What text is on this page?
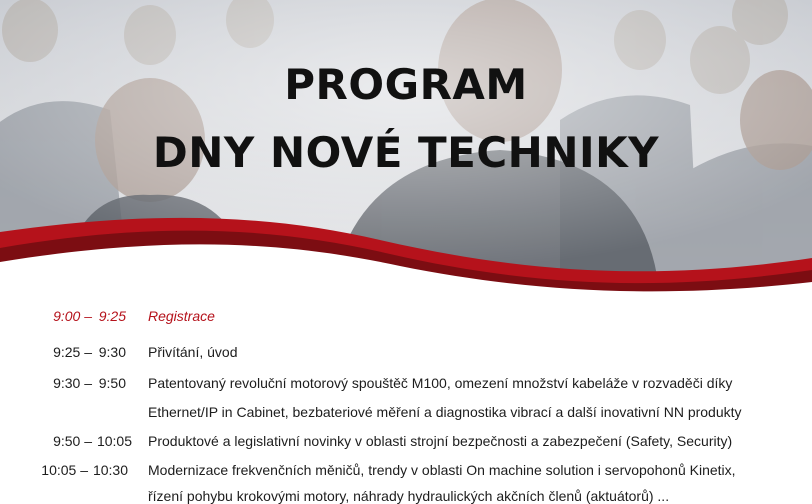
PROGRAM
DNY NOVÉ TECHNIKY
9:00 – 9:25 Registrace
9:25 – 9:30 Přivítání, úvod
9:30 – 9:50 Patentovaný revoluční motorový spouštěč M100, omezení množství kabeláže v rozvaděči díky
Ethernet/IP in Cabinet, bezbateriové měření a diagnostika vibrací a další inovativní NN produkty
9:50 – 10:05 Produktové a legislativní novinky v oblasti strojní bezpečnosti a zabezpečení (Safety, Security)
10:05 – 10:30 Modernizace frekvenčních měničů, trendy v oblasti On machine solution i servopohonů Kinetix,
řízení pohybu krokovými motory, náhrady hydraulických akčních členů (aktuátorů) ...
